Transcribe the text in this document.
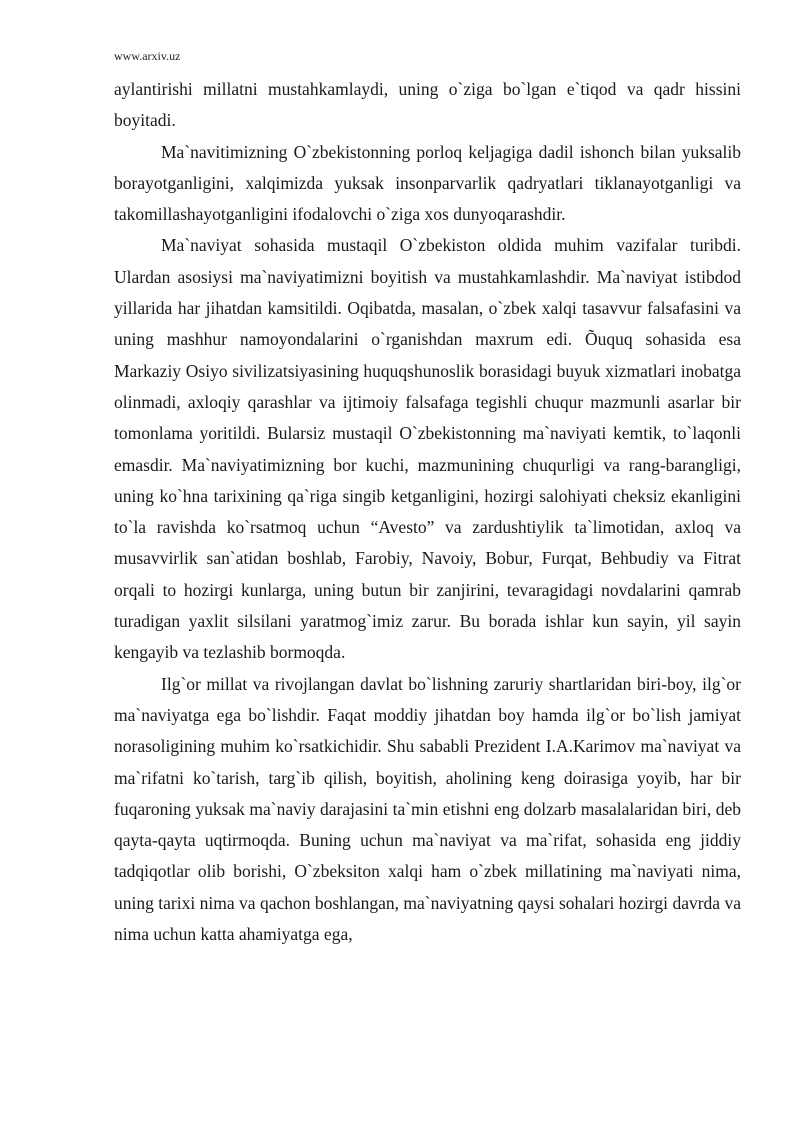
www.arxiv.uz

aylantirishi millatni mustahkamlaydi, uning o`ziga bo`lgan e`tiqod va qadr hissini boyitadi.

Ma`navitimizning O`zbekistonning porloq keljagiga dadil ishonch bilan yuksalib borayotganligini, xalqimizda yuksak insonparvarlik qadryatlari tiklanayotganligi va takomillashayotganligini ifodalovchi o`ziga xos dunyoqarashdir.

Ma`naviyat sohasida mustaqil O`zbekiston oldida muhim vazifalar turibdi. Ulardan asosiysi ma`naviyatimizni boyitish va mustahkamlashdir. Ma`naviyat istibdod yillarida har jihatdan kamsitildi. Oqibatda, masalan, o`zbek xalqi tasavvur falsafasini va uning mashhur namoyondalarini o`rganishdan maxrum edi. Õuquq sohasida esa Markaziy Osiyo sivilizatsiyasining huquqshunoslik borasidagi buyuk xizmatlari inobatga olinmadi, axloqiy qarashlar va ijtimoiy falsafaga tegishli chuqur mazmunli asarlar bir tomonlama yoritildi. Bularsiz mustaqil O`zbekistonning ma`naviyati kemtik, to`laqonli emasdir. Ma`naviyatimizning bor kuchi, mazmunining chuqurligi va rang-barangligi, uning ko`hna tarixining qa`riga singib ketganligini, hozirgi salohiyati cheksiz ekanligini to`la ravishda ko`rsatmoq uchun “Avesto” va zardushtiylik ta`limotidan, axloq va musavvirlik san`atidan boshlab, Farobiy, Navoiy, Bobur, Furqat, Behbudiy va Fitrat orqali to hozirgi kunlarga, uning butun bir zanjirini, tevaragidagi novdalarini qamrab turadigan yaxlit silsilani yaratmog`imiz zarur. Bu borada ishlar kun sayin, yil sayin kengayib va tezlashib bormoqda.

Ilg`or millat va rivojlangan davlat bo`lishning zaruriy shartlaridan biri-boy, ilg`or ma`naviyatga ega bo`lishdir. Faqat moddiy jihatdan boy hamda ilg`or bo`lish jamiyat norasoligining muhim ko`rsatkichidir. Shu sababli Prezident I.A.Karimov ma`naviyat va ma`rifatni ko`tarish, targ`ib qilish, boyitish, aholining keng doirasiga yoyib, har bir fuqaroning yuksak ma`naviy darajasini ta`min etishni eng dolzarb masalalaridan biri, deb qayta-qayta uqtirmoqda. Buning uchun ma`naviyat va ma`rifat, sohasida eng jiddiy tadqiqotlar olib borishi, O`zbeksiton xalqi ham o`zbek millatining ma`naviyati nima, uning tarixi nima va qachon boshlangan, ma`naviyatning qaysi sohalari hozirgi davrda va nima uchun katta ahamiyatga ega,
